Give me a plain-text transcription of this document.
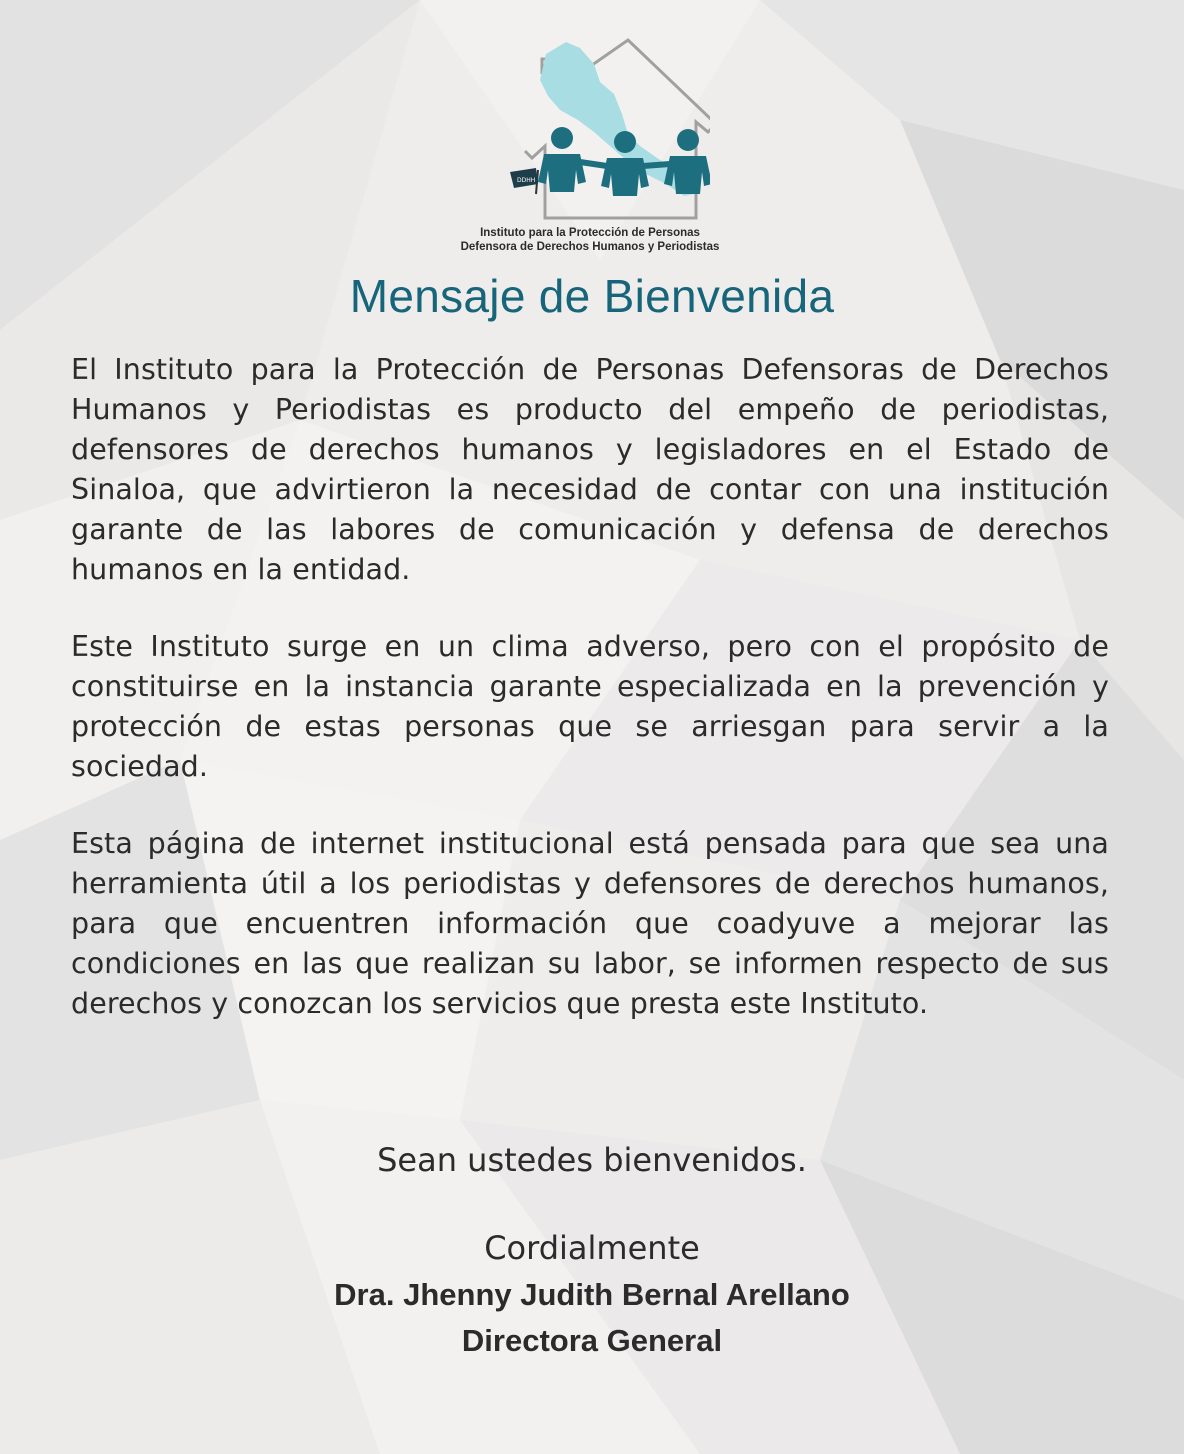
DDHH
Instituto para la Protección de Personas
Defensora de Derechos Humanos y Periodistas
Mensaje de Bienvenida

El Instituto para la Protección de Personas Defensoras de Derechos Humanos y Periodistas es producto del empeño de periodistas, defensores de derechos humanos y legisladores en el Estado de Sinaloa, que advirtieron la necesidad de contar con una institución garante de las labores de comunicación y defensa de derechos humanos en la entidad.

Este Instituto surge en un clima adverso, pero con el propósito de constituirse en la instancia garante especializada en la prevención y protección de estas personas que se arriesgan para servir a la sociedad.

Esta página de internet institucional está pensada para que sea una herramienta útil a los periodistas y defensores de derechos humanos, para que encuentren información que coadyuve a mejorar las condiciones en las que realizan su labor, se informen respecto de sus derechos y conozcan los servicios que presta este Instituto.

Sean ustedes bienvenidos.
Cordialmente
Dra. Jhenny Judith Bernal Arellano
Directora General
